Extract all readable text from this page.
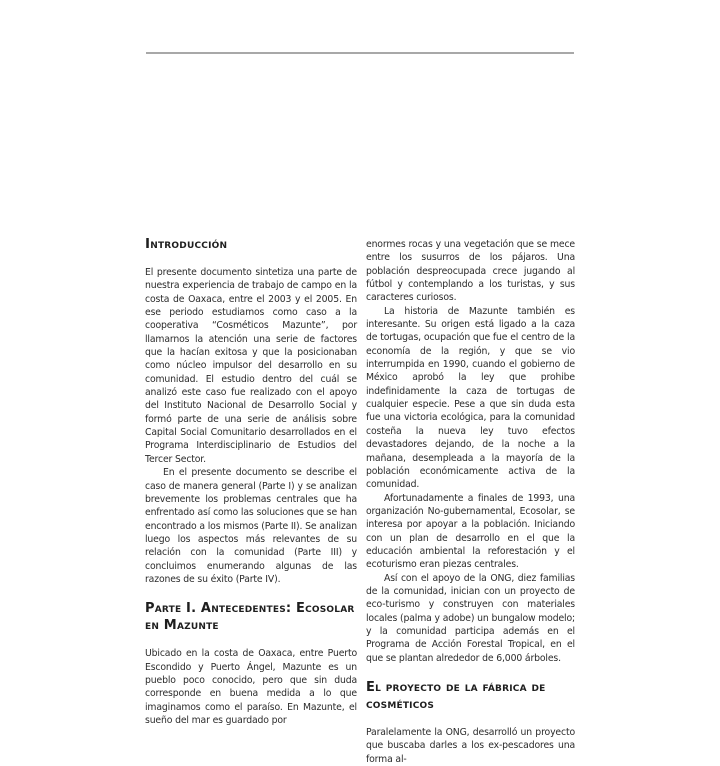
Introducción

El presente documento sintetiza una parte de nuestra experiencia de trabajo de campo en la costa de Oaxaca, entre el 2003 y el 2005. En ese periodo estudiamos como caso a la cooperativa “Cosméticos Mazunte”, por llamarnos la atención una serie de factores que la hacían exitosa y que la posicionaban como núcleo impulsor del desarrollo en su comunidad. El estudio dentro del cuál se analizó este caso fue realizado con el apoyo del Instituto Nacional de Desarrollo Social y formó parte de una serie de análisis sobre Capital Social Comunitario desarrollados en el Programa Interdisciplinario de Estudios del Tercer Sector.

En el presente documento se describe el caso de manera general (Parte I) y se analizan brevemente los problemas centrales que ha enfrentado así como las soluciones que se han encontrado a los mismos (Parte II). Se analizan luego los aspectos más relevantes de su relación con la comunidad (Parte III) y concluimos enumerando algunas de las razones de su éxito (Parte IV).

Parte I. Antecedentes: Ecosolar en Mazunte

Ubicado en la costa de Oaxaca, entre Puerto Escondido y Puerto Ángel, Mazunte es un pueblo poco conocido, pero que sin duda corresponde en buena medida a lo que imaginamos como el paraíso. En Mazunte, el sueño del mar es guardado por

enormes rocas y una vegetación que se mece entre los susurros de los pájaros. Una población despreocupada crece jugando al fútbol y contemplando a los turistas, y sus caracteres curiosos.

La historia de Mazunte también es interesante. Su origen está ligado a la caza de tortugas, ocupación que fue el centro de la economía de la región, y que se vio interrumpida en 1990, cuando el gobierno de México aprobó la ley que prohibe indefinidamente la caza de tortugas de cualquier especie. Pese a que sin duda esta fue una victoria ecológica, para la comunidad costeña la nueva ley tuvo efectos devastadores dejando, de la noche a la mañana, desempleada a la mayoría de la población económicamente activa de la comunidad.

Afortunadamente a finales de 1993, una organización No-gubernamental, Ecosolar, se interesa por apoyar a la población. Iniciando con un plan de desarrollo en el que la educación ambiental la reforestación y el ecoturismo eran piezas centrales.

Así con el apoyo de la ONG, diez familias de la comunidad, inician con un proyecto de eco-turismo y construyen con materiales locales (palma y adobe) un bungalow modelo; y la comunidad participa además en el Programa de Acción Forestal Tropical, en el que se plantan alrededor de 6,000 árboles.

El proyecto de la fábrica de cosméticos

Paralelamente la ONG, desarrolló un proyecto que buscaba darles a los ex-pescadores una forma al-
